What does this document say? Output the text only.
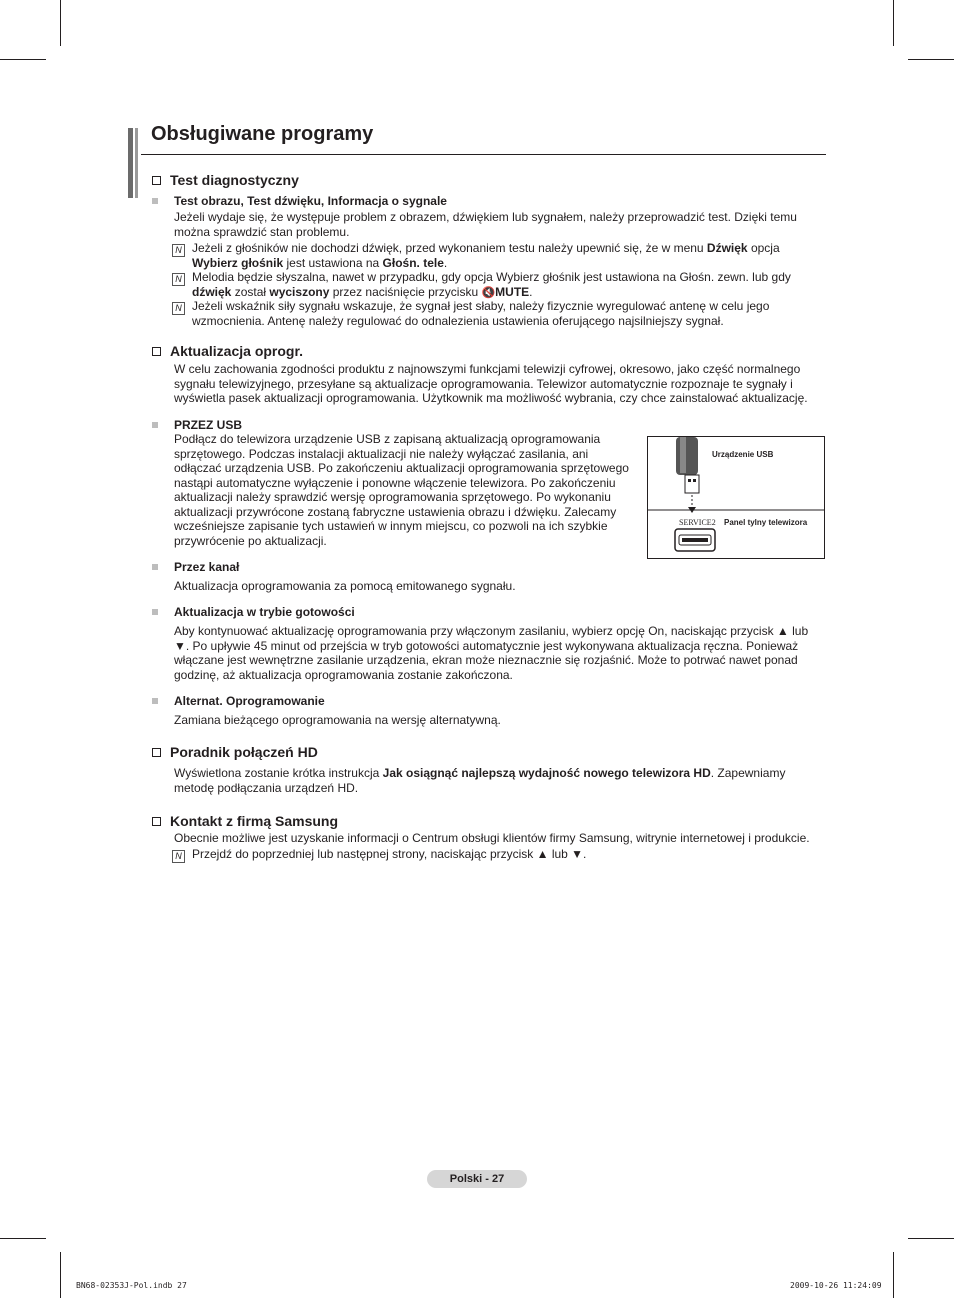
Obsługiwane programy
Test diagnostyczny
Test obrazu, Test dźwięku, Informacja o sygnale

Jeżeli wydaje się, że występuje problem z obrazem, dźwiękiem lub sygnałem, należy przeprowadzić test. Dzięki temu można sprawdzić stan problemu.

N Jeżeli z głośników nie dochodzi dźwięk, przed wykonaniem testu należy upewnić się, że w menu Dźwięk opcja Wybierz głośnik jest ustawiona na Głośn. tele.
N Melodia będzie słyszalna, nawet w przypadku, gdy opcja Wybierz głośnik jest ustawiona na Głośn. zewn. lub gdy dźwięk został wyciszony przez naciśnięcie przycisku 🔇MUTE.
N Jeżeli wskaźnik siły sygnału wskazuje, że sygnał jest słaby, należy fizycznie wyregulować antenę w celu jego wzmocnienia. Antenę należy regulować do odnalezienia ustawienia oferującego najsilniejszy sygnał.
Aktualizacja oprogr.

W celu zachowania zgodności produktu z najnowszymi funkcjami telewizji cyfrowej, okresowo, jako część normalnego sygnału telewizyjnego, przesyłane są aktualizacje oprogramowania. Telewizor automatycznie rozpoznaje te sygnały i wyświetla pasek aktualizacji oprogramowania. Użytkownik ma możliwość wybrania, czy chce zainstalować aktualizację.

PRZEZ USB

Podłącz do telewizora urządzenie USB z zapisaną aktualizacją oprogramowania sprzętowego. Podczas instalacji aktualizacji nie należy wyłączać zasilania, ani odłączać urządzenia USB. Po zakończeniu aktualizacji oprogramowania sprzętowego nastąpi automatyczne wyłączenie i ponowne włączenie telewizora. Po zakończeniu aktualizacji należy sprawdzić wersję oprogramowania sprzętowego. Po wykonaniu aktualizacji przywrócone zostaną fabryczne ustawienia obrazu i dźwięku. Zalecamy wcześniejsze zapisanie tych ustawień w innym miejscu, co pozwoli na ich szybkie przywrócenie po aktualizacji.

Urządzenie USB
SERVICE2 Panel tylny telewizora
Przez kanał

Aktualizacja oprogramowania za pomocą emitowanego sygnału.

Aktualizacja w trybie gotowości

Aby kontynuować aktualizację oprogramowania przy włączonym zasilaniu, wybierz opcję On, naciskając przycisk ▲ lub ▼. Po upływie 45 minut od przejścia w tryb gotowości automatycznie jest wykonywana aktualizacja ręczna. Ponieważ włączane jest wewnętrzne zasilanie urządzenia, ekran może nieznacznie się rozjaśnić. Może to potrwać nawet ponad godzinę, aż aktualizacja oprogramowania zostanie zakończona.

Alternat. Oprogramowanie

Zamiana bieżącego oprogramowania na wersję alternatywną.

Poradnik połączeń HD

Wyświetlona zostanie krótka instrukcja Jak osiągnąć najlepszą wydajność nowego telewizora HD. Zapewniamy metodę podłączania urządzeń HD.

Kontakt z firmą Samsung

Obecnie możliwe jest uzyskanie informacji o Centrum obsługi klientów firmy Samsung, witrynie internetowej i produkcie.

N Przejdź do poprzedniej lub następnej strony, naciskając przycisk ▲ lub ▼.
Polski - 27
BN68-02353J-Pol.indb 27	2009-10-26 11:24:09
